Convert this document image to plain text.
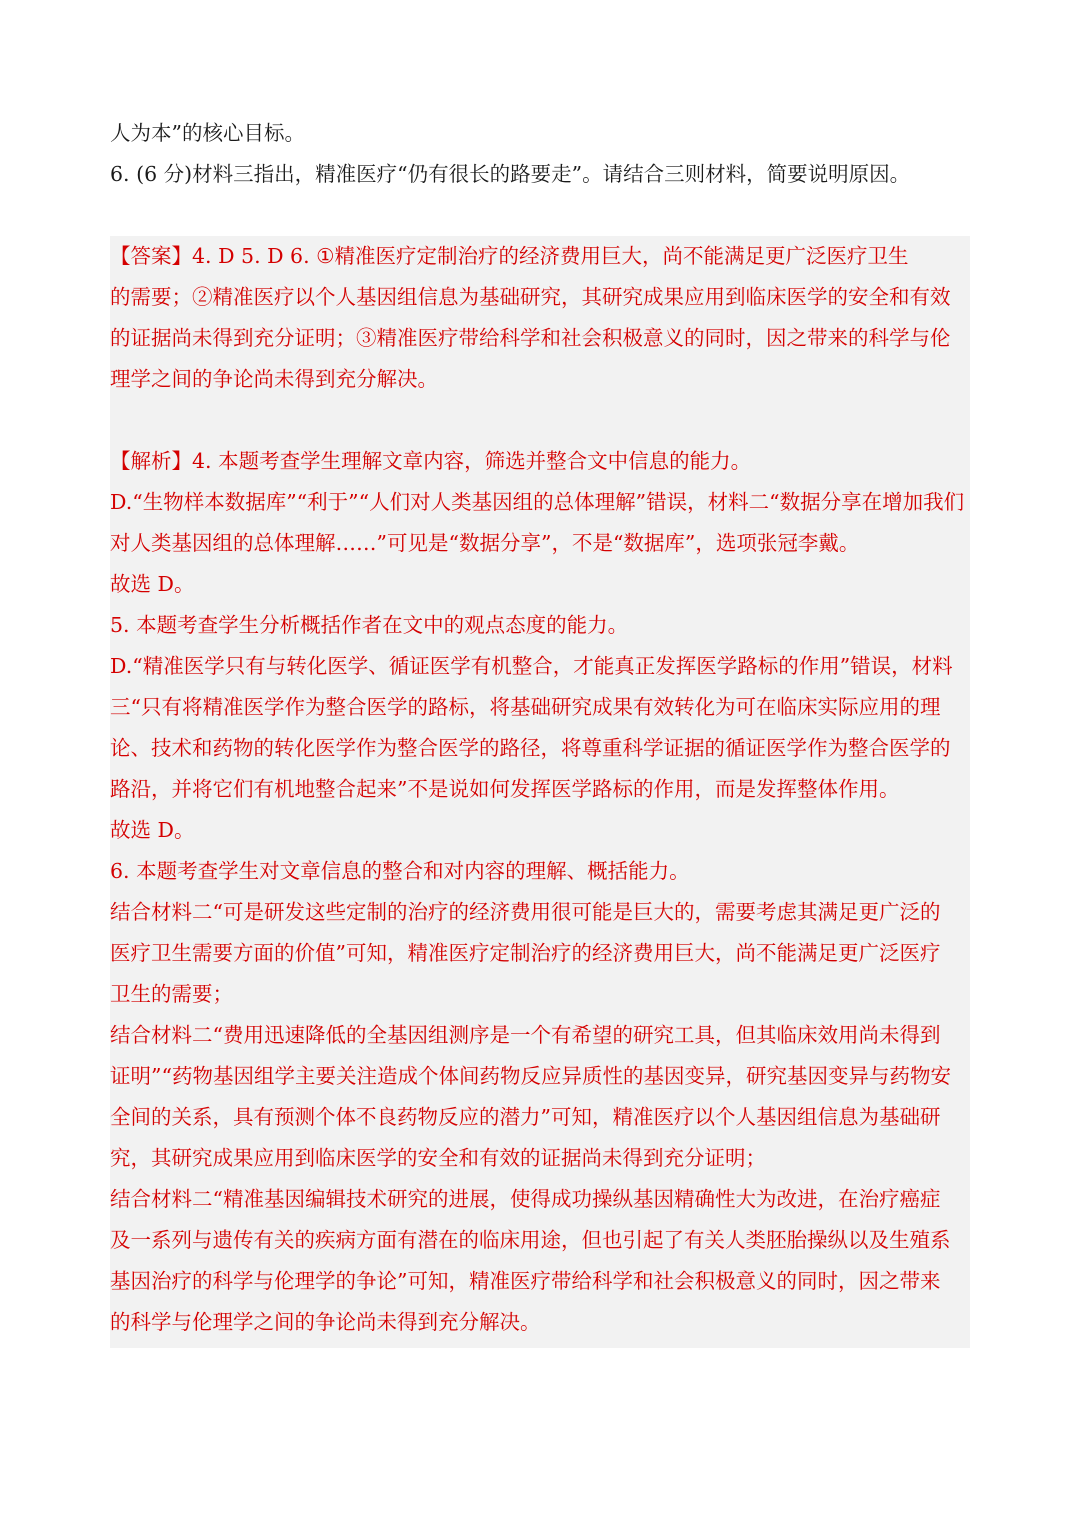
人为本”的核心目标。
6. (6 分)材料三指出，精准医疗“仍有很长的路要走”。请结合三则材料，简要说明原因。
【答案】4. D 5. D 6. ①精准医疗定制治疗的经济费用巨大，尚不能满足更广泛医疗卫生
的需要；②精准医疗以个人基因组信息为基础研究，其研究成果应用到临床医学的安全和有效
的证据尚未得到充分证明；③精准医疗带给科学和社会积极意义的同时，因之带来的科学与伦
理学之间的争论尚未得到充分解决。
【解析】4. 本题考查学生理解文章内容，筛选并整合文中信息的能力。
D.“生物样本数据库”“利于”“人们对人类基因组的总体理解”错误，材料二“数据分享在增加我们
对人类基因组的总体理解……”可见是“数据分享”，不是“数据库”，选项张冠李戴。
故选 D。
5. 本题考查学生分析概括作者在文中的观点态度的能力。
D.“精准医学只有与转化医学、循证医学有机整合，才能真正发挥医学路标的作用”错误，材料
三“只有将精准医学作为整合医学的路标，将基础研究成果有效转化为可在临床实际应用的理
论、技术和药物的转化医学作为整合医学的路径，将尊重科学证据的循证医学作为整合医学的
路沿，并将它们有机地整合起来”不是说如何发挥医学路标的作用，而是发挥整体作用。
故选 D。
6. 本题考查学生对文章信息的整合和对内容的理解、概括能力。
结合材料二“可是研发这些定制的治疗的经济费用很可能是巨大的，需要考虑其满足更广泛的
医疗卫生需要方面的价值”可知，精准医疗定制治疗的经济费用巨大，尚不能满足更广泛医疗
卫生的需要；
结合材料二“费用迅速降低的全基因组测序是一个有希望的研究工具，但其临床效用尚未得到
证明”“药物基因组学主要关注造成个体间药物反应异质性的基因变异，研究基因变异与药物安
全间的关系，具有预测个体不良药物反应的潜力”可知，精准医疗以个人基因组信息为基础研
究，其研究成果应用到临床医学的安全和有效的证据尚未得到充分证明；
结合材料二“精准基因编辑技术研究的进展，使得成功操纵基因精确性大为改进，在治疗癌症
及一系列与遗传有关的疾病方面有潜在的临床用途，但也引起了有关人类胚胎操纵以及生殖系
基因治疗的科学与伦理学的争论”可知，精准医疗带给科学和社会积极意义的同时，因之带来
的科学与伦理学之间的争论尚未得到充分解决。
